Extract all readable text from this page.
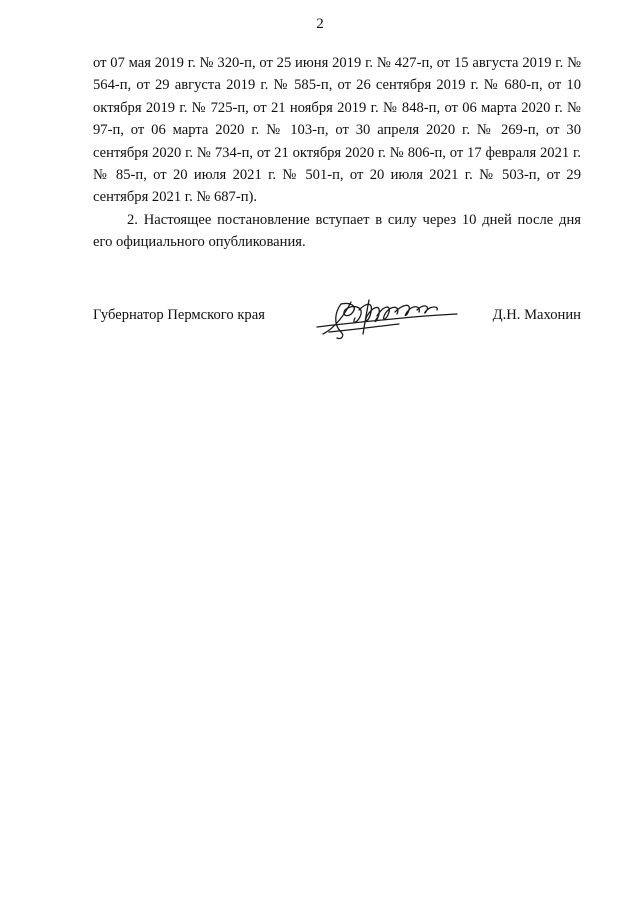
2

от 07 мая 2019 г. № 320-п, от 25 июня 2019 г. № 427-п, от 15 августа 2019 г. № 564-п, от 29 августа 2019 г. № 585-п, от 26 сентября 2019 г. № 680-п, от 10 октября 2019 г. № 725-п, от 21 ноября 2019 г. № 848-п, от 06 марта 2020 г. № 97-п, от 06 марта 2020 г. № 103-п, от 30 апреля 2020 г. № 269-п, от 30 сентября 2020 г. № 734-п, от 21 октября 2020 г. № 806-п, от 17 февраля 2021 г. № 85-п, от 20 июля 2021 г. № 501-п, от 20 июля 2021 г. № 503-п, от 29 сентября 2021 г. № 687-п).

2. Настоящее постановление вступает в силу через 10 дней после дня его официального опубликования.

Губернатор Пермского края	Д.Н. Махонин
